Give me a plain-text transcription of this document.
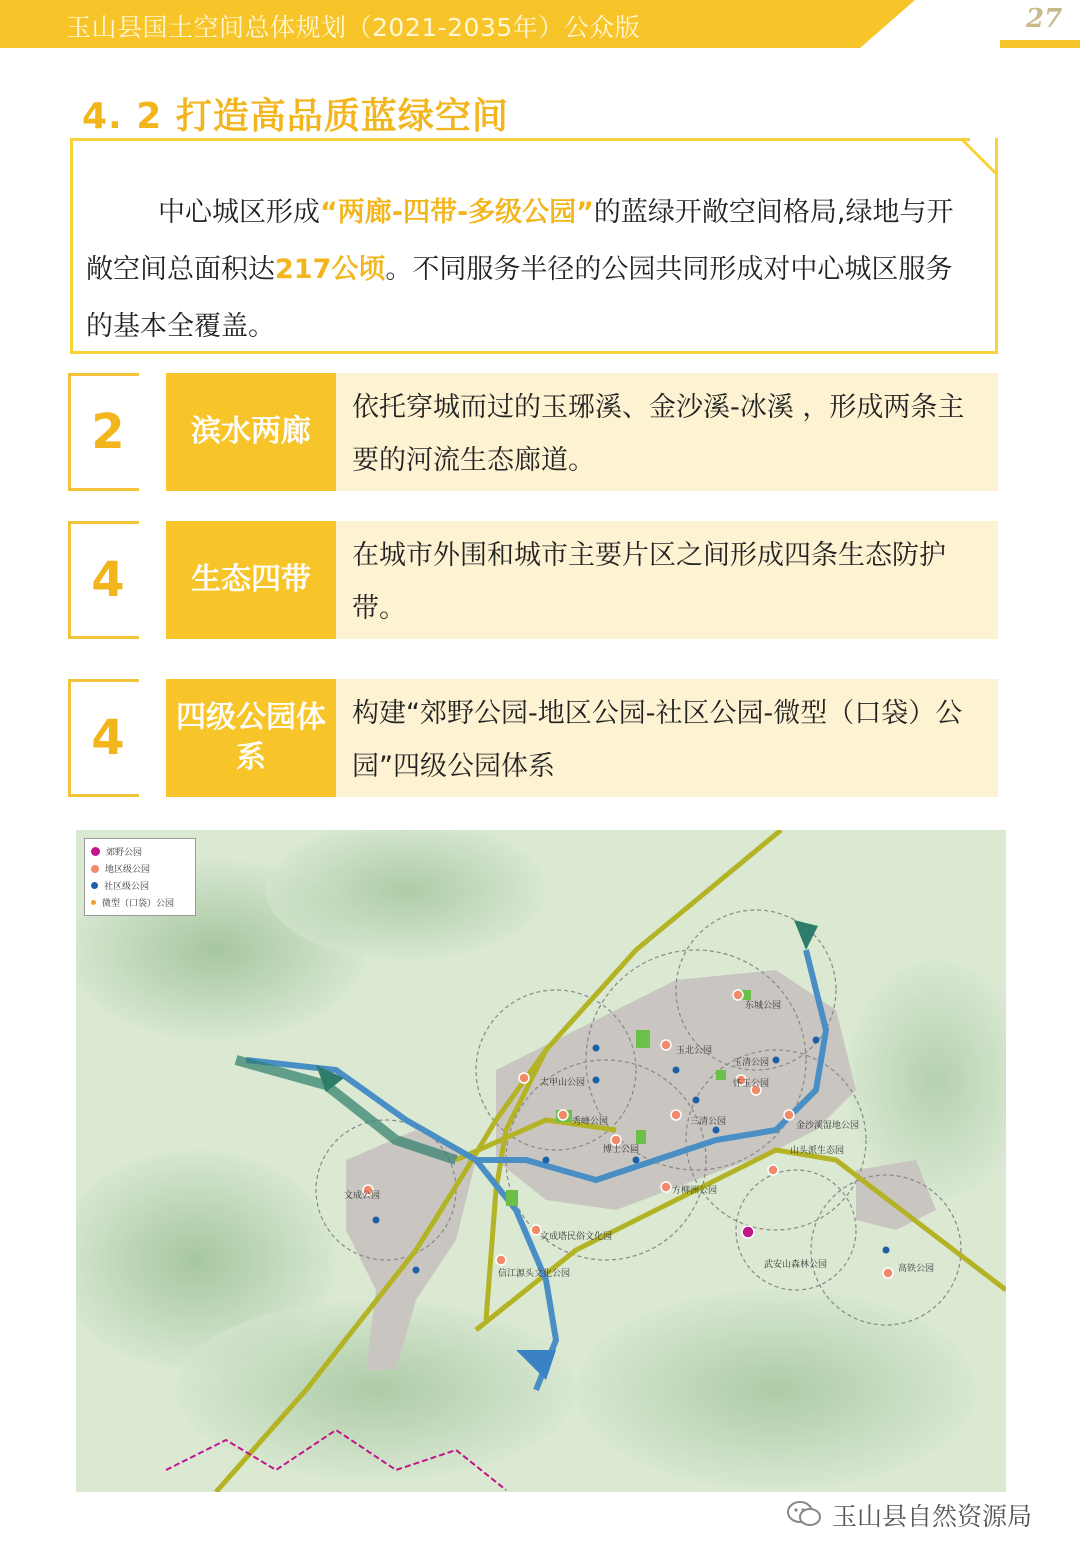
玉山县国土空间总体规划（2021-2035年）公众版	27
4. 2 打造高品质蓝绿空间
中心城区形成“两廊-四带-多级公园”的蓝绿开敞空间格局,绿地与开敞空间总面积达217公顷。不同服务半径的公园共同形成对中心城区服务的基本全覆盖。
2	滨水两廊
依托穿城而过的玉琊溪、金沙溪-冰溪 ，形成两条主要的河流生态廊道。
4	生态四带
在城市外围和城市主要片区之间形成四条生态防护带。
4	四级公园体系
构建“郊野公园-地区公园-社区公园-微型（口袋）公园”四级公园体系
郊野公园
地区级公园
社区级公园
微型（口袋）公园
东城公园
玉北公园
玉清公园
怀玉公园
太甲山公园
秀峰公园	三清公园	金沙溪湿地公园
博士公园	山头派生态园
文成公园	方柳洲公园
文成塔民俗文化园
信江源头文化公园
武安山森林公园	高铁公园
玉山县自然资源局
